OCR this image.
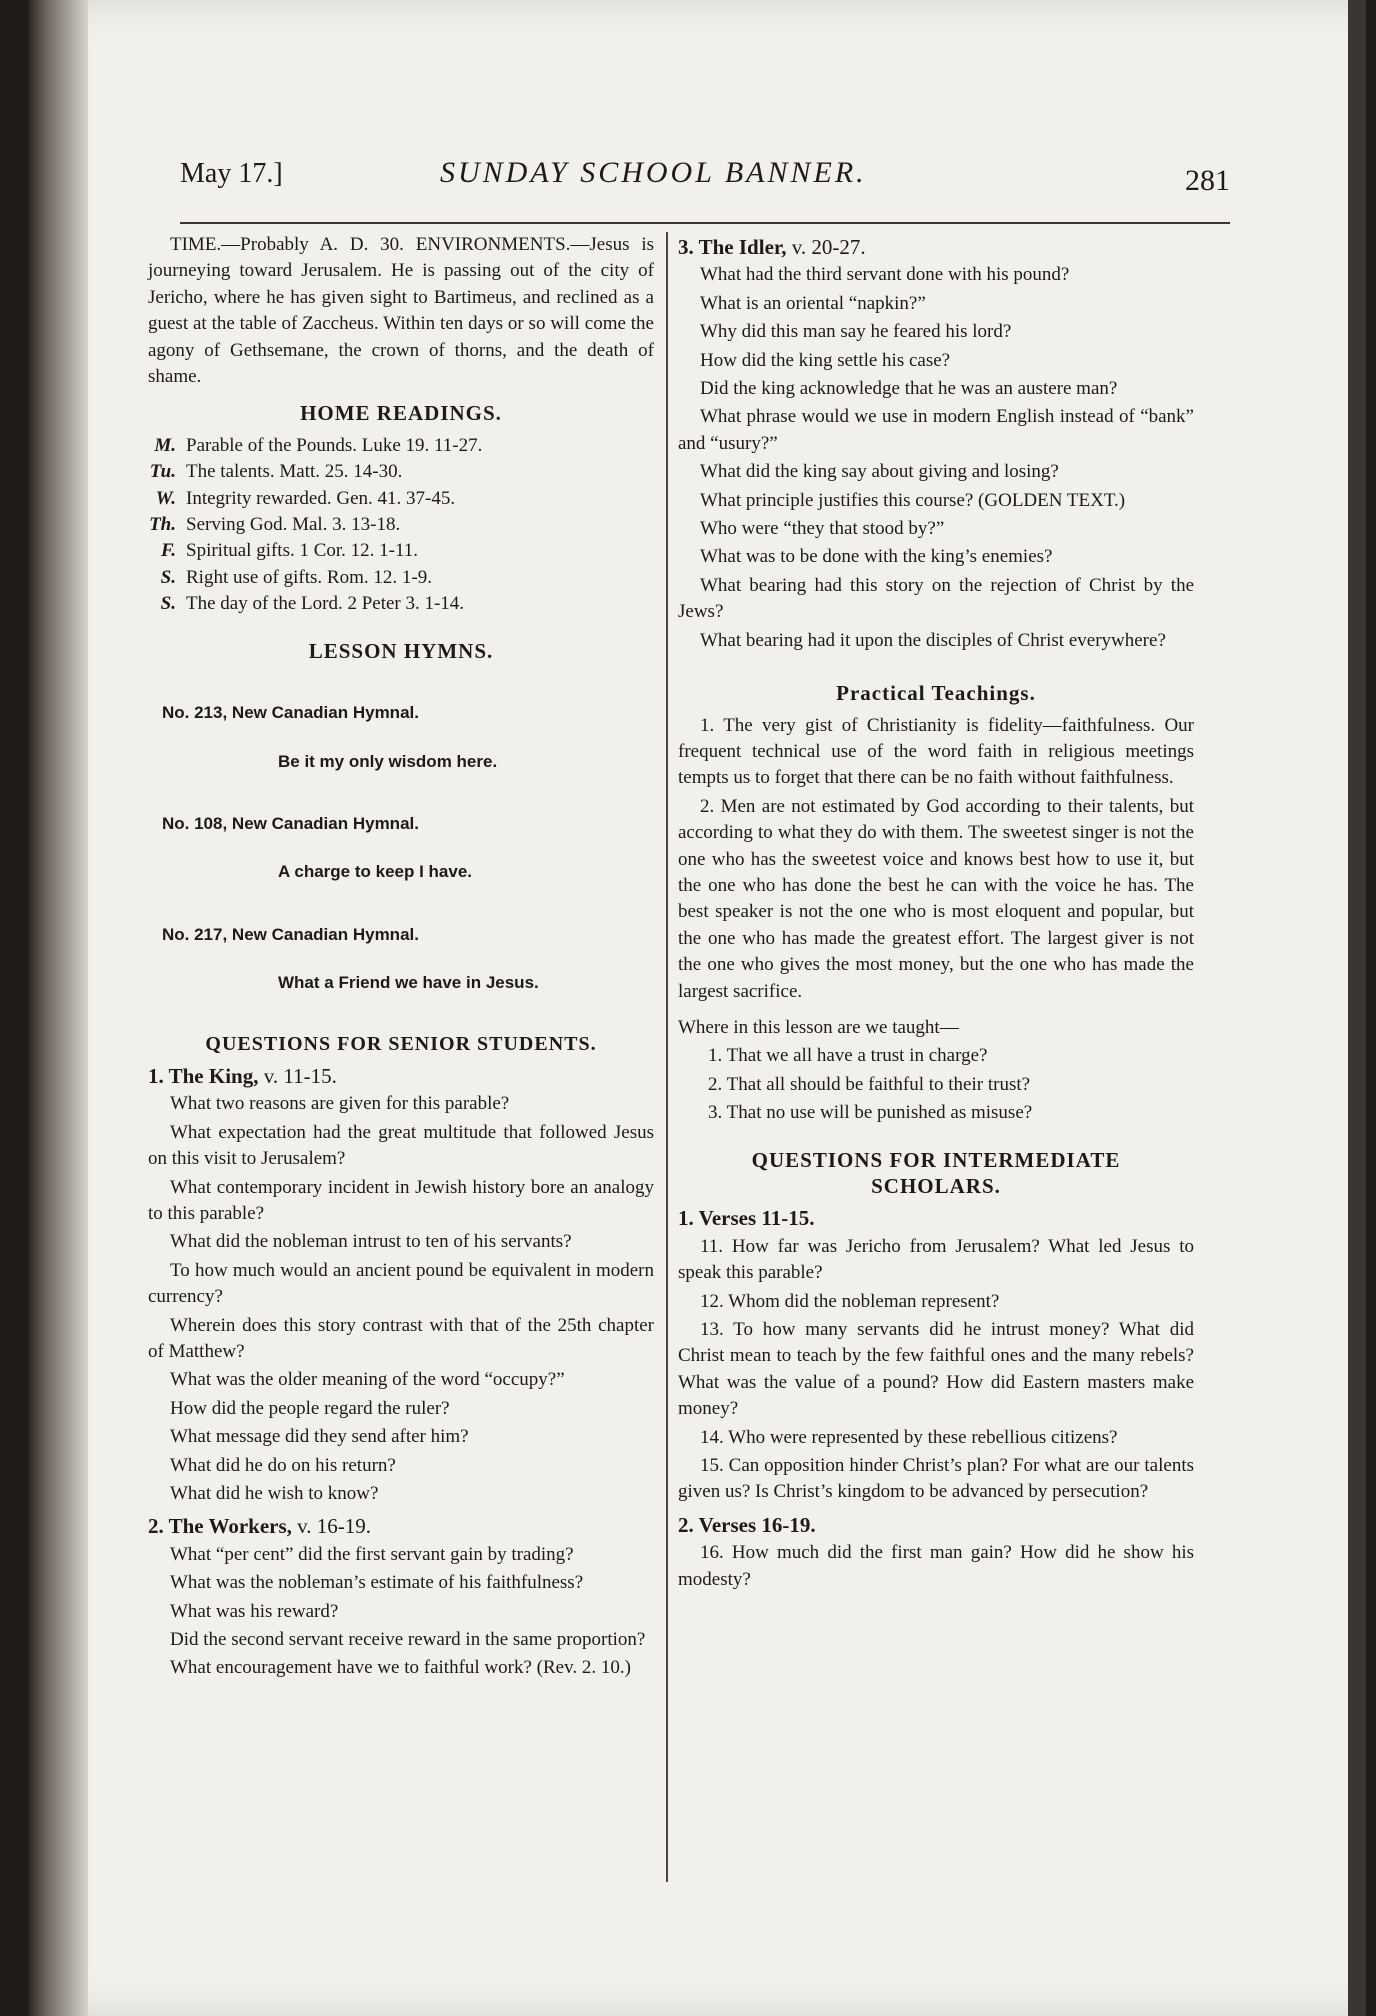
May 17.]	SUNDAY SCHOOL BANNER.	281

TIME.—Probably A. D. 30. ENVIRONMENTS.—Jesus is journeying toward Jerusalem. He is passing out of the city of Jericho, where he has given sight to Bartimeus, and reclined as a guest at the table of Zaccheus. Within ten days or so will come the agony of Gethsemane, the crown of thorns, and the death of shame.

HOME READINGS.
M. Parable of the Pounds. Luke 19. 11-27.
Tu. The talents. Matt. 25. 14-30.
W. Integrity rewarded. Gen. 41. 37-45.
Th. Serving God. Mal. 3. 13-18.
F. Spiritual gifts. 1 Cor. 12. 1-11.
S. Right use of gifts. Rom. 12. 1-9.
S. The day of the Lord. 2 Peter 3. 1-14.
LESSON HYMNS.
No. 213, New Canadian Hymnal.
Be it my only wisdom here.
No. 108, New Canadian Hymnal.
A charge to keep I have.
No. 217, New Canadian Hymnal.
What a Friend we have in Jesus.
QUESTIONS FOR SENIOR STUDENTS.
1. The King, v. 11-15.

What two reasons are given for this parable?

What expectation had the great multitude that followed Jesus on this visit to Jerusalem?

What contemporary incident in Jewish history bore an analogy to this parable?

What did the nobleman intrust to ten of his servants?

To how much would an ancient pound be equivalent in modern currency?

Wherein does this story contrast with that of the 25th chapter of Matthew?

What was the older meaning of the word “occupy?”

How did the people regard the ruler?

What message did they send after him?

What did he do on his return?

What did he wish to know?

2. The Workers, v. 16-19.

What “per cent” did the first servant gain by trading?

What was the nobleman’s estimate of his faithfulness?

What was his reward?

Did the second servant receive reward in the same proportion?

What encouragement have we to faithful work? (Rev. 2. 10.)

3. The Idler, v. 20-27.

What had the third servant done with his pound?

What is an oriental “napkin?”

Why did this man say he feared his lord?

How did the king settle his case?

Did the king acknowledge that he was an austere man?

What phrase would we use in modern English instead of “bank” and “usury?”

What did the king say about giving and losing?

What principle justifies this course? (GOLDEN TEXT.)

Who were “they that stood by?”

What was to be done with the king’s enemies?

What bearing had this story on the rejection of Christ by the Jews?

What bearing had it upon the disciples of Christ everywhere?

Practical Teachings.

1. The very gist of Christianity is fidelity—faithfulness. Our frequent technical use of the word faith in religious meetings tempts us to forget that there can be no faith without faithfulness.

2. Men are not estimated by God according to their talents, but according to what they do with them. The sweetest singer is not the one who has the sweetest voice and knows best how to use it, but the one who has done the best he can with the voice he has. The best speaker is not the one who is most eloquent and popular, but the one who has made the greatest effort. The largest giver is not the one who gives the most money, but the one who has made the largest sacrifice.

Where in this lesson are we taught—

1. That we all have a trust in charge?

2. That all should be faithful to their trust?

3. That no use will be punished as misuse?

QUESTIONS FOR INTERMEDIATE
SCHOLARS.
1. Verses 11-15.

11. How far was Jericho from Jerusalem? What led Jesus to speak this parable?

12. Whom did the nobleman represent?

13. To how many servants did he intrust money? What did Christ mean to teach by the few faithful ones and the many rebels? What was the value of a pound? How did Eastern masters make money?

14. Who were represented by these rebellious citizens?

15. Can opposition hinder Christ’s plan? For what are our talents given us? Is Christ’s kingdom to be advanced by persecution?

2. Verses 16-19.

16. How much did the first man gain? How did he show his modesty?
